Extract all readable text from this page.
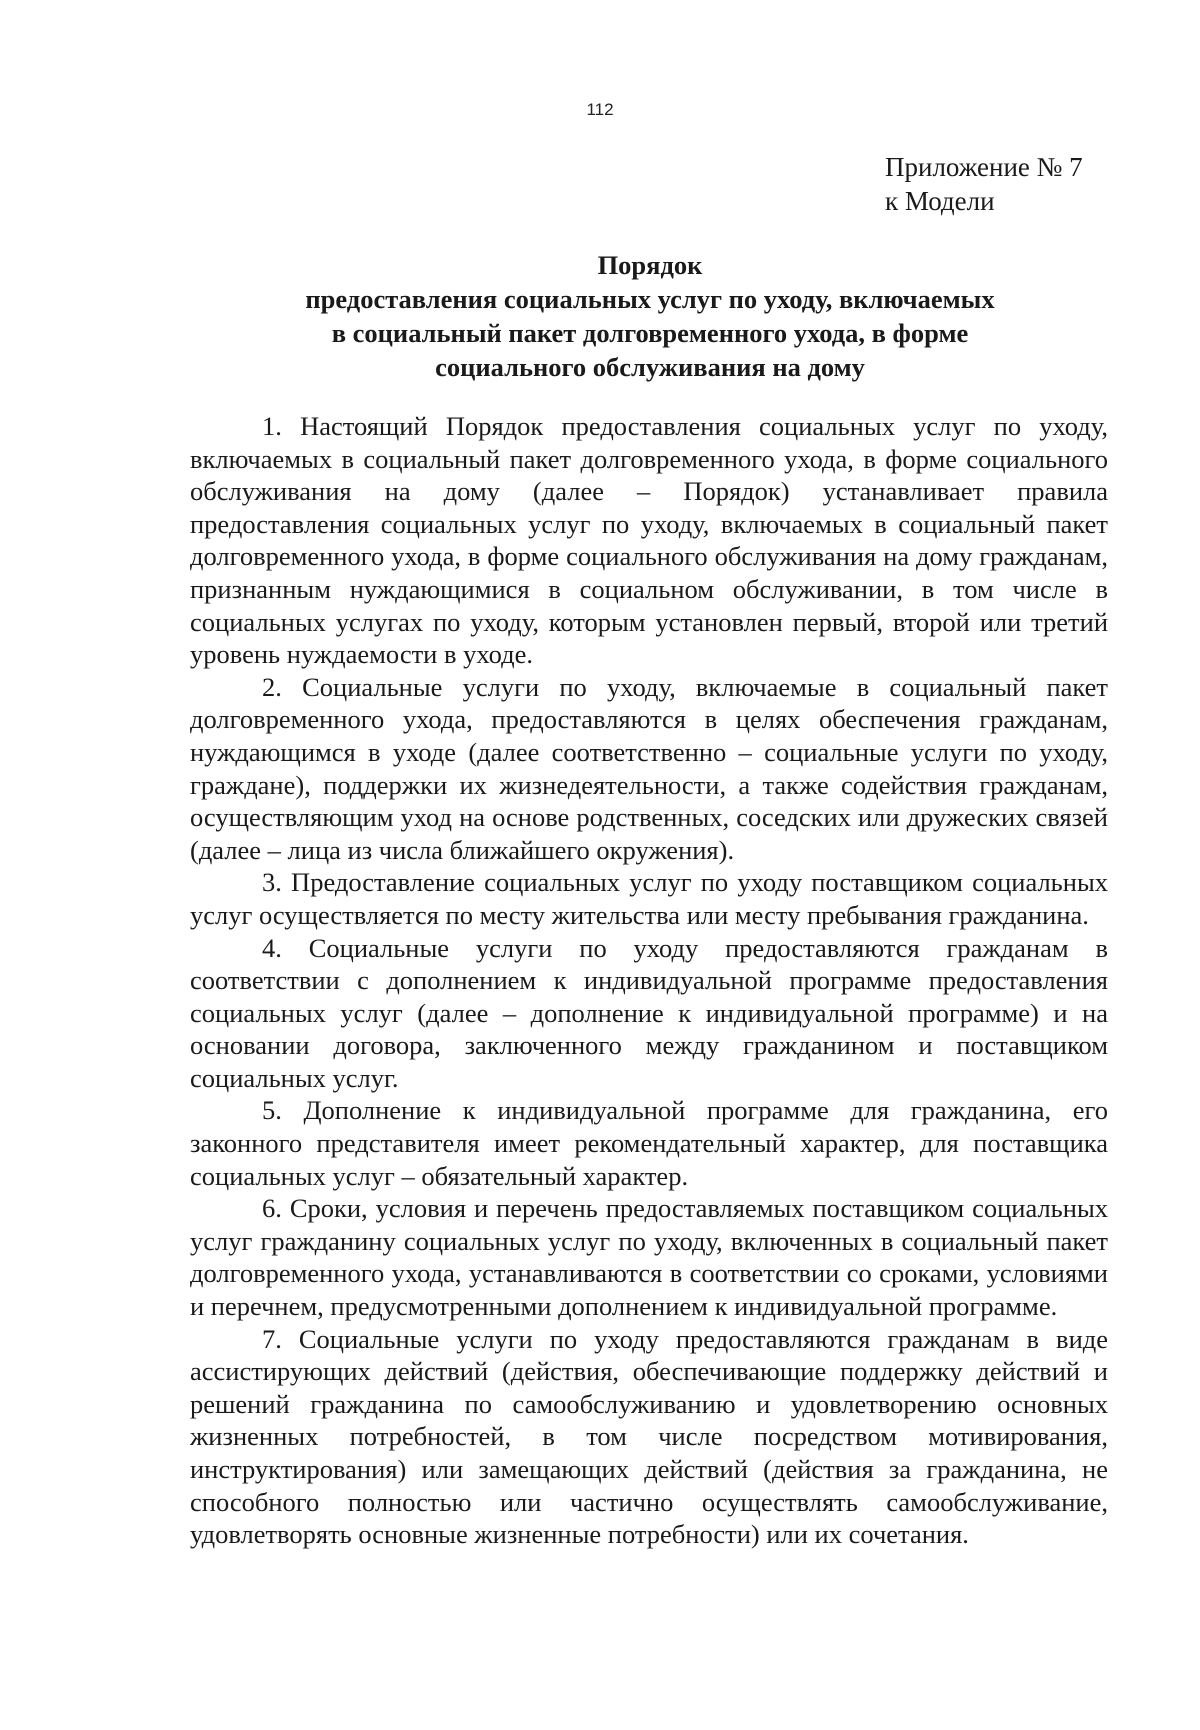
112
Приложение № 7
к Модели
Порядок
предоставления социальных услуг по уходу, включаемых
в социальный пакет долговременного ухода, в форме
социального обслуживания на дому

1. Настоящий Порядок предоставления социальных услуг по уходу, включаемых в социальный пакет долговременного ухода, в форме социального обслуживания на дому (далее – Порядок) устанавливает правила предоставления социальных услуг по уходу, включаемых в социальный пакет долговременного ухода, в форме социального обслуживания на дому гражданам, признанным нуждающимися в социальном обслуживании, в том числе в социальных услугах по уходу, которым установлен первый, второй или третий уровень нуждаемости в уходе.

2. Социальные услуги по уходу, включаемые в социальный пакет долговременного ухода, предоставляются в целях обеспечения гражданам, нуждающимся в уходе (далее соответственно – социальные услуги по уходу, граждане), поддержки их жизнедеятельности, а также содействия гражданам, осуществляющим уход на основе родственных, соседских или дружеских связей (далее – лица из числа ближайшего окружения).

3. Предоставление социальных услуг по уходу поставщиком социальных услуг осуществляется по месту жительства или месту пребывания гражданина.

4. Социальные услуги по уходу предоставляются гражданам в соответствии с дополнением к индивидуальной программе предоставления социальных услуг (далее – дополнение к индивидуальной программе) и на основании договора, заключенного между гражданином и поставщиком социальных услуг.

5. Дополнение к индивидуальной программе для гражданина, его законного представителя имеет рекомендательный характер, для поставщика социальных услуг – обязательный характер.

6. Сроки, условия и перечень предоставляемых поставщиком социальных услуг гражданину социальных услуг по уходу, включенных в социальный пакет долговременного ухода, устанавливаются в соответствии со сроками, условиями и перечнем, предусмотренными дополнением к индивидуальной программе.

7. Социальные услуги по уходу предоставляются гражданам в виде ассистирующих действий (действия, обеспечивающие поддержку действий и решений гражданина по самообслуживанию и удовлетворению основных жизненных потребностей, в том числе посредством мотивирования, инструктирования) или замещающих действий (действия за гражданина, не способного полностью или частично осуществлять самообслуживание, удовлетворять основные жизненные потребности) или их сочетания.
